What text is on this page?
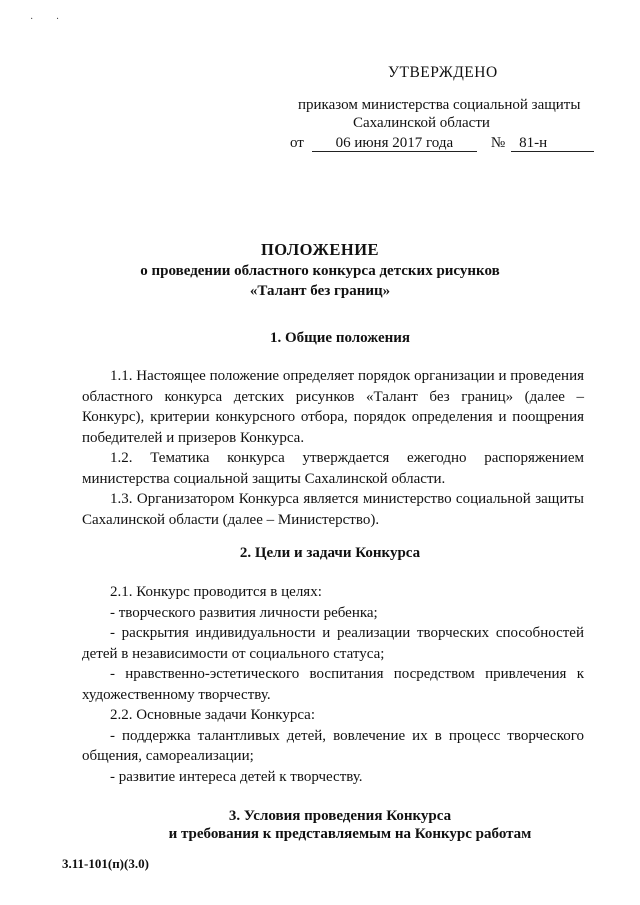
· ·
УТВЕРЖДЕНО
приказом министерства социальной защиты
Сахалинской области
от	06 июня 2017 года	№ 81-н
ПОЛОЖЕНИЕ
о проведении областного конкурса детских рисунков
«Талант без границ»
1. Общие положения

1.1. Настоящее положение определяет порядок организации и проведения областного конкурса детских рисунков «Талант без границ» (далее – Конкурс), критерии конкурсного отбора, порядок определения и поощрения победителей и призеров Конкурса.

1.2. Тематика конкурса утверждается ежегодно распоряжением министерства социальной защиты Сахалинской области.

1.3. Организатором Конкурса является министерство социальной защиты Сахалинской области (далее – Министерство).

2. Цели и задачи Конкурса

2.1. Конкурс проводится в целях:

- творческого развития личности ребенка;

- раскрытия индивидуальности и реализации творческих способностей детей в независимости от социального статуса;

- нравственно-эстетического воспитания посредством привлечения к художественному творчеству.

2.2. Основные задачи Конкурса:

- поддержка талантливых детей, вовлечение их в процесс творческого общения, самореализации;

- развитие интереса детей к творчеству.

3. Условия проведения Конкурса
и требования к представляемым на Конкурс работам
3.11-101(п)(3.0)
